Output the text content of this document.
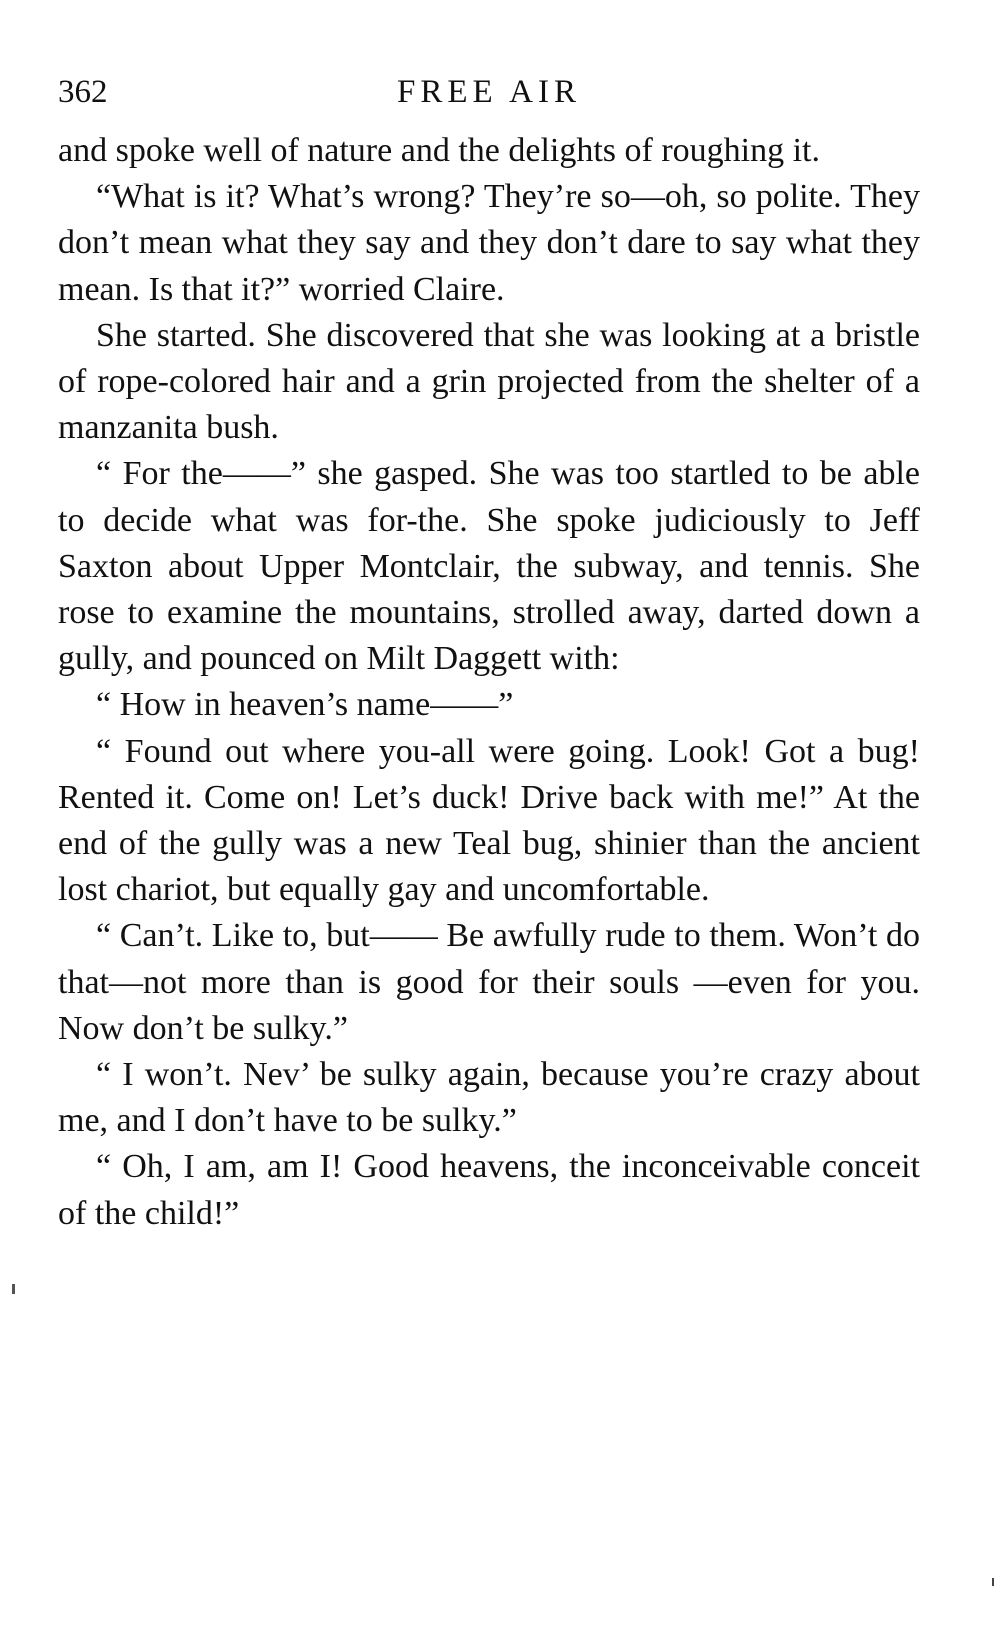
362	FREE AIR

and spoke well of nature and the delights of roughing it.

“What is it? What’s wrong? They’re so—oh, so polite. They don’t mean what they say and they don’t dare to say what they mean. Is that it?” worried Claire.

She started. She discovered that she was looking at a bristle of rope-colored hair and a grin projected from the shelter of a manzanita bush.

“ For the——” she gasped. She was too startled to be able to decide what was for-the. She spoke judiciously to Jeff Saxton about Upper Montclair, the subway, and tennis. She rose to examine the mountains, strolled away, darted down a gully, and pounced on Milt Daggett with:

“ How in heaven’s name——”

“ Found out where you-all were going. Look! Got a bug! Rented it. Come on! Let’s duck! Drive back with me!” At the end of the gully was a new Teal bug, shinier than the ancient lost chariot, but equally gay and uncomfortable.

“ Can’t. Like to, but—— Be awfully rude to them. Won’t do that—not more than is good for their souls —even for you. Now don’t be sulky.”

“ I won’t. Nev’ be sulky again, because you’re crazy about me, and I don’t have to be sulky.”

“ Oh, I am, am I! Good heavens, the inconceivable conceit of the child!”
